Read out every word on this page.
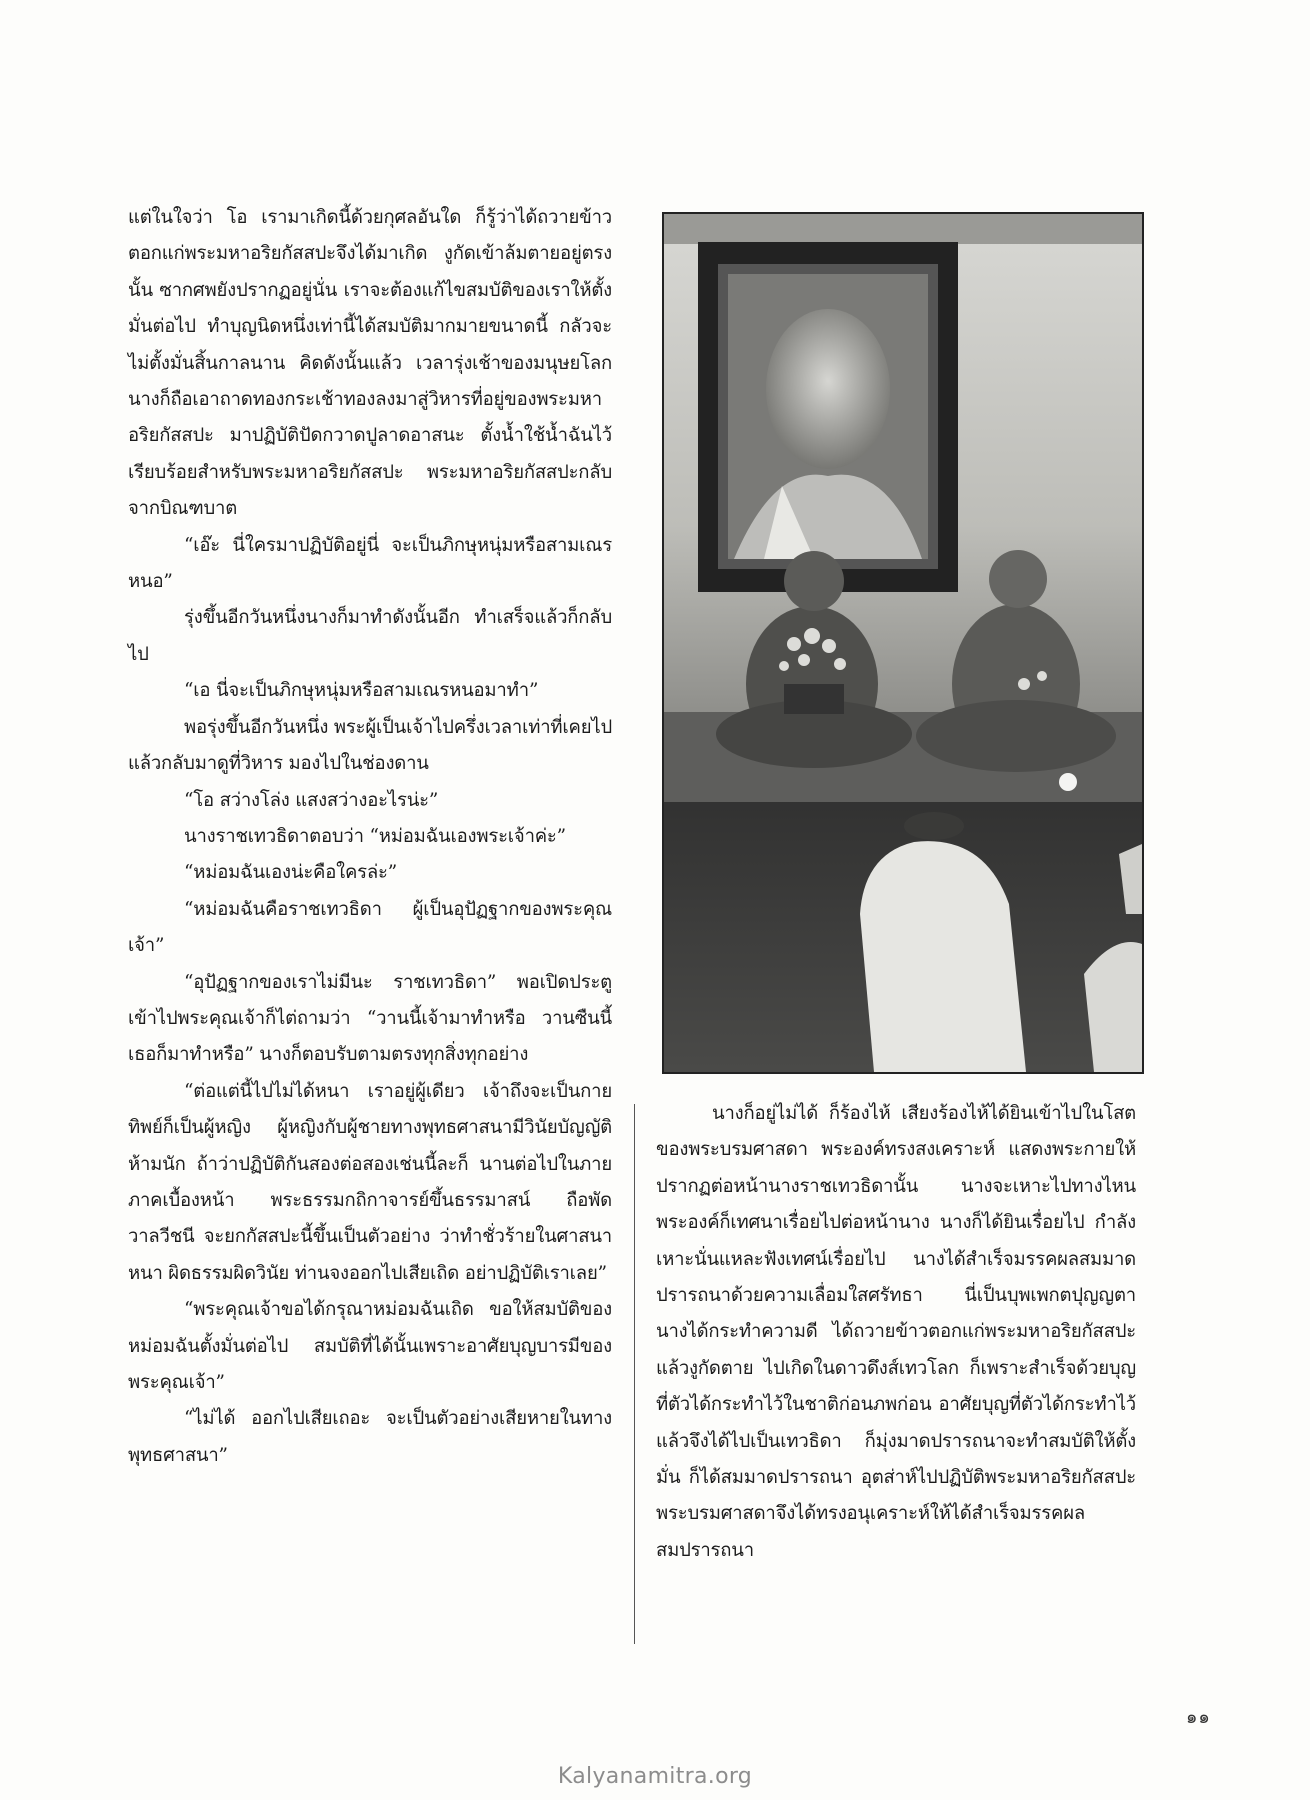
แต่ในใจว่า โอ เรามาเกิดนี้ด้วยกุศลอันใด ก็รู้ว่าได้ถวายข้าวตอกแก่พระมหาอริยกัสสปะจึงได้มาเกิด งูกัดเข้าล้มตายอยู่ตรงนั้น ซากศพยังปรากฏอยู่นั่น เราจะต้องแก้ไขสมบัติของเราให้ตั้งมั่นต่อไป ทำบุญนิดหนึ่งเท่านี้ได้สมบัติมากมายขนาดนี้ กลัวจะไม่ตั้งมั่นสิ้นกาลนาน คิดดังนั้นแล้ว เวลารุ่งเช้าของมนุษยโลก นางก็ถือเอาถาดทองกระเช้าทองลงมาสู่วิหารที่อยู่ของพระมหาอริยกัสสปะ มาปฏิบัติปัดกวาดปูลาดอาสนะ ตั้งน้ำใช้น้ำฉันไว้เรียบร้อยสำหรับพระมหาอริยกัสสปะ พระมหาอริยกัสสปะกลับจากบิณฑบาต

“เอ๊ะ นี่ใครมาปฏิบัติอยู่นี่ จะเป็นภิกษุหนุ่มหรือสามเณรหนอ”

รุ่งขึ้นอีกวันหนึ่งนางก็มาทำดังนั้นอีก ทำเสร็จแล้วก็กลับไป

“เอ นี่จะเป็นภิกษุหนุ่มหรือสามเณรหนอมาทำ”

พอรุ่งขึ้นอีกวันหนึ่ง พระผู้เป็นเจ้าไปครึ่งเวลาเท่าที่เคยไป แล้วกลับมาดูที่วิหาร มองไปในช่องดาน

“โอ สว่างโล่ง แสงสว่างอะไรน่ะ”

นางราชเทวธิดาตอบว่า “หม่อมฉันเองพระเจ้าค่ะ”

“หม่อมฉันเองน่ะคือใครล่ะ”

“หม่อมฉันคือราชเทวธิดา ผู้เป็นอุปัฏฐากของพระคุณเจ้า”

“อุปัฏฐากของเราไม่มีนะ ราชเทวธิดา” พอเปิดประตูเข้าไปพระคุณเจ้าก็ไต่ถามว่า “วานนี้เจ้ามาทำหรือ วานซืนนี้เธอก็มาทำหรือ” นางก็ตอบรับตามตรงทุกสิ่งทุกอย่าง

“ต่อแต่นี้ไปไม่ได้หนา เราอยู่ผู้เดียว เจ้าถึงจะเป็นกายทิพย์ก็เป็นผู้หญิง ผู้หญิงกับผู้ชายทางพุทธศาสนามีวินัยบัญญัติห้ามนัก ถ้าว่าปฏิบัติกันสองต่อสองเช่นนี้ละก็ นานต่อไปในภายภาคเบื้องหน้า พระธรรมกถิกาจารย์ขึ้นธรรมาสน์ ถือพัดวาลวีชนี จะยกกัสสปะนี้ขึ้นเป็นตัวอย่าง ว่าทำชั่วร้ายในศาสนาหนา ผิดธรรมผิดวินัย ท่านจงออกไปเสียเถิด อย่าปฏิบัติเราเลย”

“พระคุณเจ้าขอได้กรุณาหม่อมฉันเถิด ขอให้สมบัติของหม่อมฉันตั้งมั่นต่อไป สมบัติที่ได้นั้นเพราะอาศัยบุญบารมีของพระคุณเจ้า”

“ไม่ได้ ออกไปเสียเถอะ จะเป็นตัวอย่างเสียหายในทางพุทธศาสนา”

นางก็อยู่ไม่ได้ ก็ร้องไห้ เสียงร้องไห้ได้ยินเข้าไปในโสตของพระบรมศาสดา พระองค์ทรงสงเคราะห์ แสดงพระกายให้ปรากฏต่อหน้านางราชเทวธิดานั้น นางจะเหาะไปทางไหนพระองค์ก็เทศนาเรื่อยไปต่อหน้านาง นางก็ได้ยินเรื่อยไป กำลังเหาะนั่นแหละฟังเทศน์เรื่อยไป นางได้สำเร็จมรรคผลสมมาดปรารถนาด้วยความเลื่อมใสศรัทธา นี่เป็นบุพเพกตปุญญตา นางได้กระทำความดี ได้ถวายข้าวตอกแก่พระมหาอริยกัสสปะ แล้วงูกัดตาย ไปเกิดในดาวดึงส์เทวโลก ก็เพราะสำเร็จด้วยบุญที่ตัวได้กระทำไว้ในชาติก่อนภพก่อน อาศัยบุญที่ตัวได้กระทำไว้แล้วจึงได้ไปเป็นเทวธิดา ก็มุ่งมาดปรารถนาจะทำสมบัติให้ตั้งมั่น ก็ได้สมมาดปรารถนา อุตส่าห์ไปปฏิบัติพระมหาอริยกัสสปะ พระบรมศาสดาจึงได้ทรงอนุเคราะห์ให้ได้สำเร็จมรรคผลสมปรารถนา

๑๑
Kalyanamitra.org
